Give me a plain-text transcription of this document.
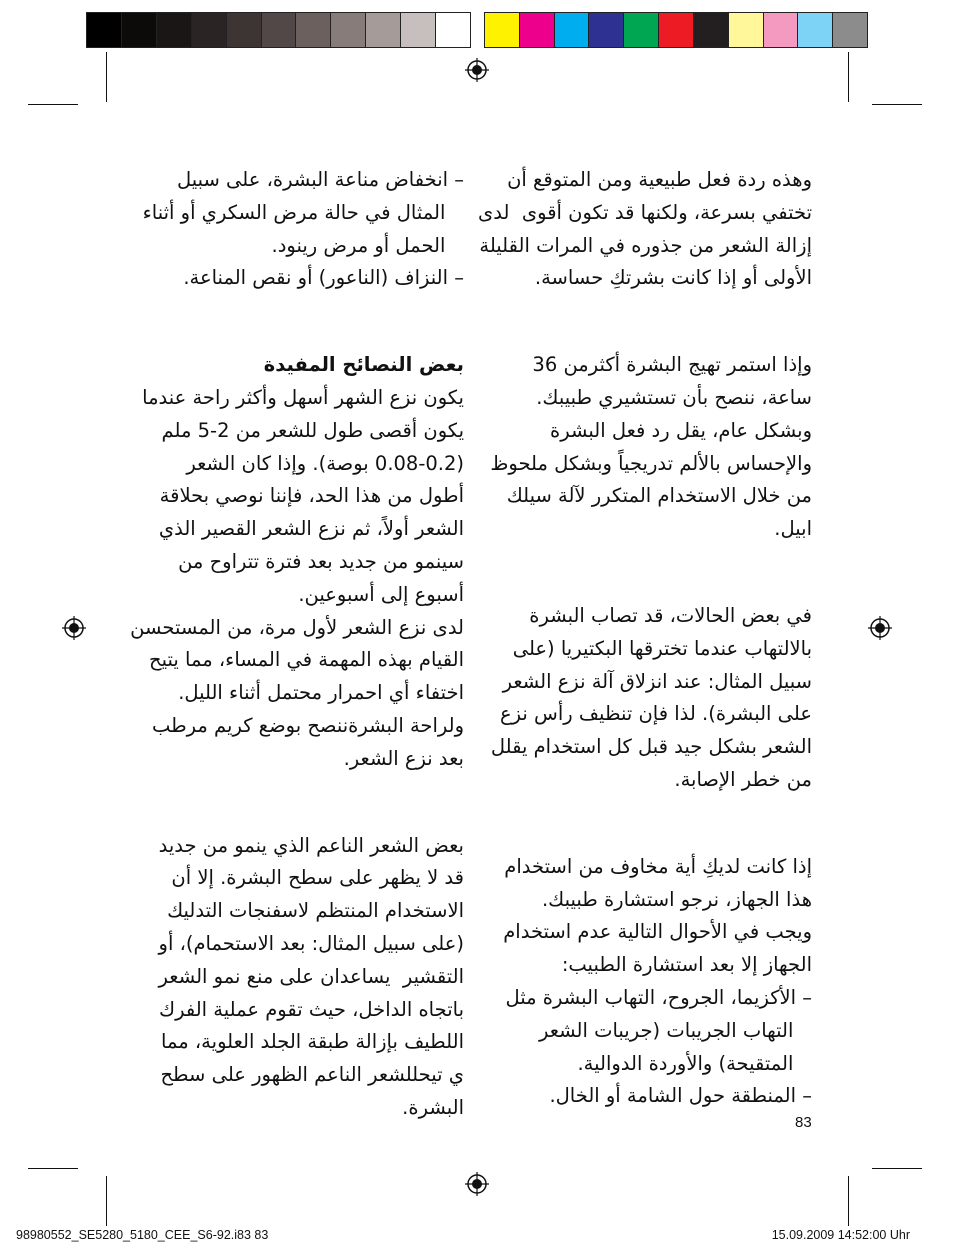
وهذه ردة فعل طبيعية ومن المتوقع أن

تختفي بسرعة، ولكنها قد تكون أقوى  لدى

إزالة الشعر من جذوره في المرات القليلة

الأولى أو إذا كانت بشرتكِ حساسة.

وإذا استمر تهيج البشرة أكثرمن 36

ساعة، ننصح بأن تستشيري طبيبك.

وبشكل عام، يقل رد فعل البشرة

والإحساس بالألم تدريجياً وبشكل ملحوظ

من خلال الاستخدام المتكرر لآلة سيلك

ابيل.

في بعض الحالات، قد تصاب البشرة

بالالتهاب عندما تخترقها البكتيريا (على

سبيل المثال: عند انزلاق آلة نزع الشعر

على البشرة). لذا فإن تنظيف رأس نزع

الشعر بشكل جيد قبل كل استخدام يقلل

من خطر الإصابة.

إذا كانت لديكِ أية مخاوف من استخدام

هذا الجهاز، نرجو استشارة طبيبك.

ويجب في الأحوال التالية عدم استخدام

الجهاز إلا بعد استشارة الطبيب:

– الأكزيما، الجروح، التهاب البشرة مثل

التهاب الجريبات (جريبات الشعر

المتقيحة) والأوردة الدوالية.

– المنطقة حول الشامة أو الخال.

– انخفاض مناعة البشرة، على سبيل

المثال في حالة مرض السكري أو أثناء

الحمل أو مرض رينود.

– النزاف (الناعور) أو نقص المناعة.

بعض النصائح المفيدة

يكون نزع الشهر أسهل وأكثر راحة عندما

يكون أقصى طول للشعر من 2-5 ملم

(0.08-0.2 بوصة). وإذا كان الشعر

أطول من هذا الحد، فإننا نوصي بحلاقة

الشعر أولاً، ثم نزع الشعر القصير الذي

سينمو من جديد بعد فترة تتراوح من

أسبوع إلى أسبوعين.

لدى نزع الشعر لأول مرة، من المستحسن

القيام بهذه المهمة في المساء، مما يتيح

اختفاء أي احمرار محتمل أثناء الليل.

ولراحة البشرةننصح بوضع كريم مرطب

بعد نزع الشعر.

بعض الشعر الناعم الذي ينمو من جديد

قد لا يظهر على سطح البشرة. إلا أن

الاستخدام المنتظم لاسفنجات التدليك

(على سبيل المثال: بعد الاستحمام)، أو

التقشير  يساعدان على منع نمو الشعر

باتجاه الداخل، حيث تقوم عملية الفرك

اللطيف بإزالة طبقة الجلد العلوية، مما

ي تيحللشعر الناعم الظهور على سطح

البشرة.

83
98980552_SE5280_5180_CEE_S6-92.i83 83	15.09.2009 14:52:00 Uhr
